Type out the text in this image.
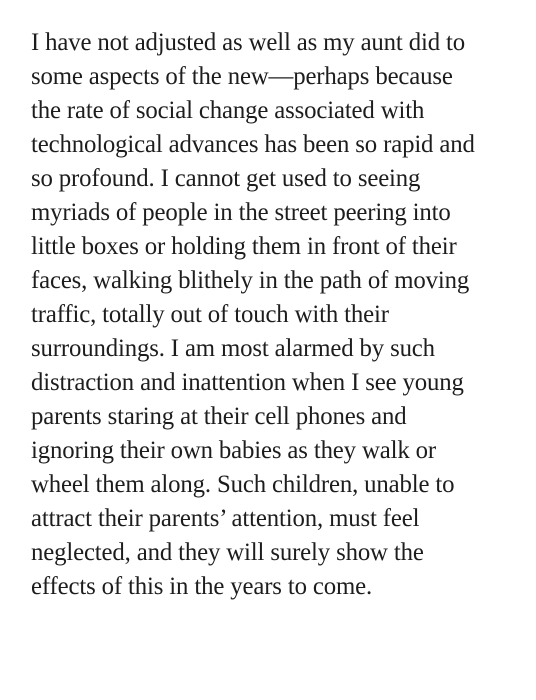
I have not adjusted as well as my aunt did to
some aspects of the new—perhaps because
the rate of social change associated with
technological advances has been so rapid and
so profound. I cannot get used to seeing
myriads of people in the street peering into
little boxes or holding them in front of their
faces, walking blithely in the path of moving
traffic, totally out of touch with their
surroundings. I am most alarmed by such
distraction and inattention when I see young
parents staring at their cell phones and
ignoring their own babies as they walk or
wheel them along. Such children, unable to
attract their parents’ attention, must feel
neglected, and they will surely show the
effects of this in the years to come.
